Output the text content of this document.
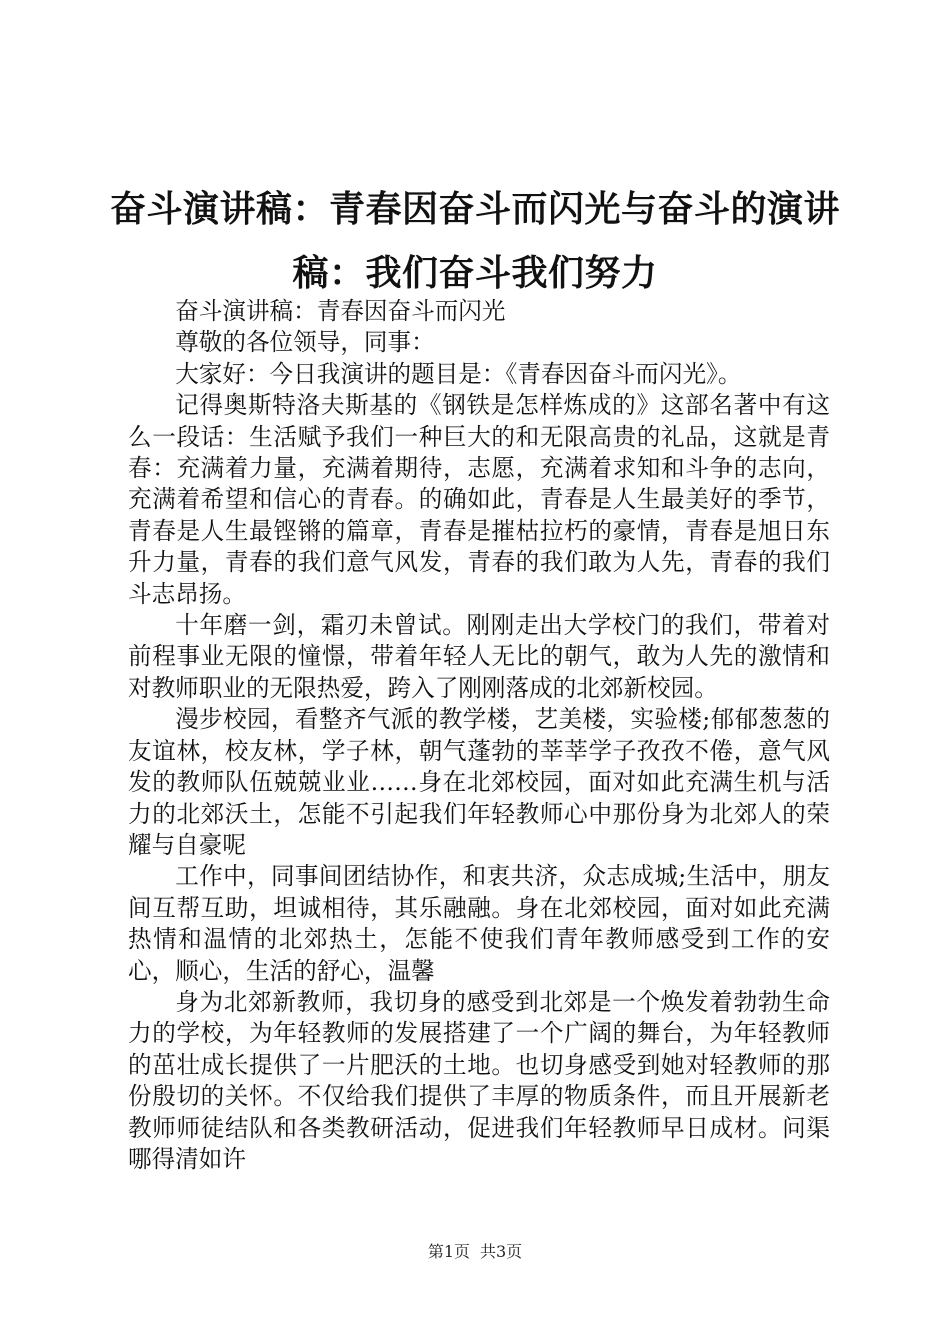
奋斗演讲稿：青春因奋斗而闪光与奋斗的演讲
稿：我们奋斗我们努力

奋斗演讲稿：青春因奋斗而闪光

尊敬的各位领导，同事：

大家好：今日我演讲的题目是：《青春因奋斗而闪光》。

记得奥斯特洛夫斯基的《钢铁是怎样炼成的》这部名著中有这么一段话：生活赋予我们一种巨大的和无限高贵的礼品，这就是青春：充满着力量，充满着期待，志愿，充满着求知和斗争的志向，充满着希望和信心的青春。的确如此，青春是人生最美好的季节，青春是人生最铿锵的篇章，青春是摧枯拉朽的豪情，青春是旭日东升力量，青春的我们意气风发，青春的我们敢为人先，青春的我们斗志昂扬。

十年磨一剑，霜刃未曾试。刚刚走出大学校门的我们，带着对前程事业无限的憧憬，带着年轻人无比的朝气，敢为人先的激情和对教师职业的无限热爱，跨入了刚刚落成的北郊新校园。

漫步校园，看整齐气派的教学楼，艺美楼，实验楼;郁郁葱葱的友谊林，校友林，学子林，朝气蓬勃的莘莘学子孜孜不倦，意气风发的教师队伍兢兢业业……身在北郊校园，面对如此充满生机与活力的北郊沃土，怎能不引起我们年轻教师心中那份身为北郊人的荣耀与自豪呢

工作中，同事间团结协作，和衷共济，众志成城;生活中，朋友间互帮互助，坦诚相待，其乐融融。身在北郊校园，面对如此充满热情和温情的北郊热土，怎能不使我们青年教师感受到工作的安心，顺心，生活的舒心，温馨

身为北郊新教师，我切身的感受到北郊是一个焕发着勃勃生命力的学校，为年轻教师的发展搭建了一个广阔的舞台，为年轻教师的茁壮成长提供了一片肥沃的土地。也切身感受到她对轻教师的那份殷切的关怀。不仅给我们提供了丰厚的物质条件，而且开展新老教师师徒结队和各类教研活动，促进我们年轻教师早日成材。问渠哪得清如许

第1页 共3页
